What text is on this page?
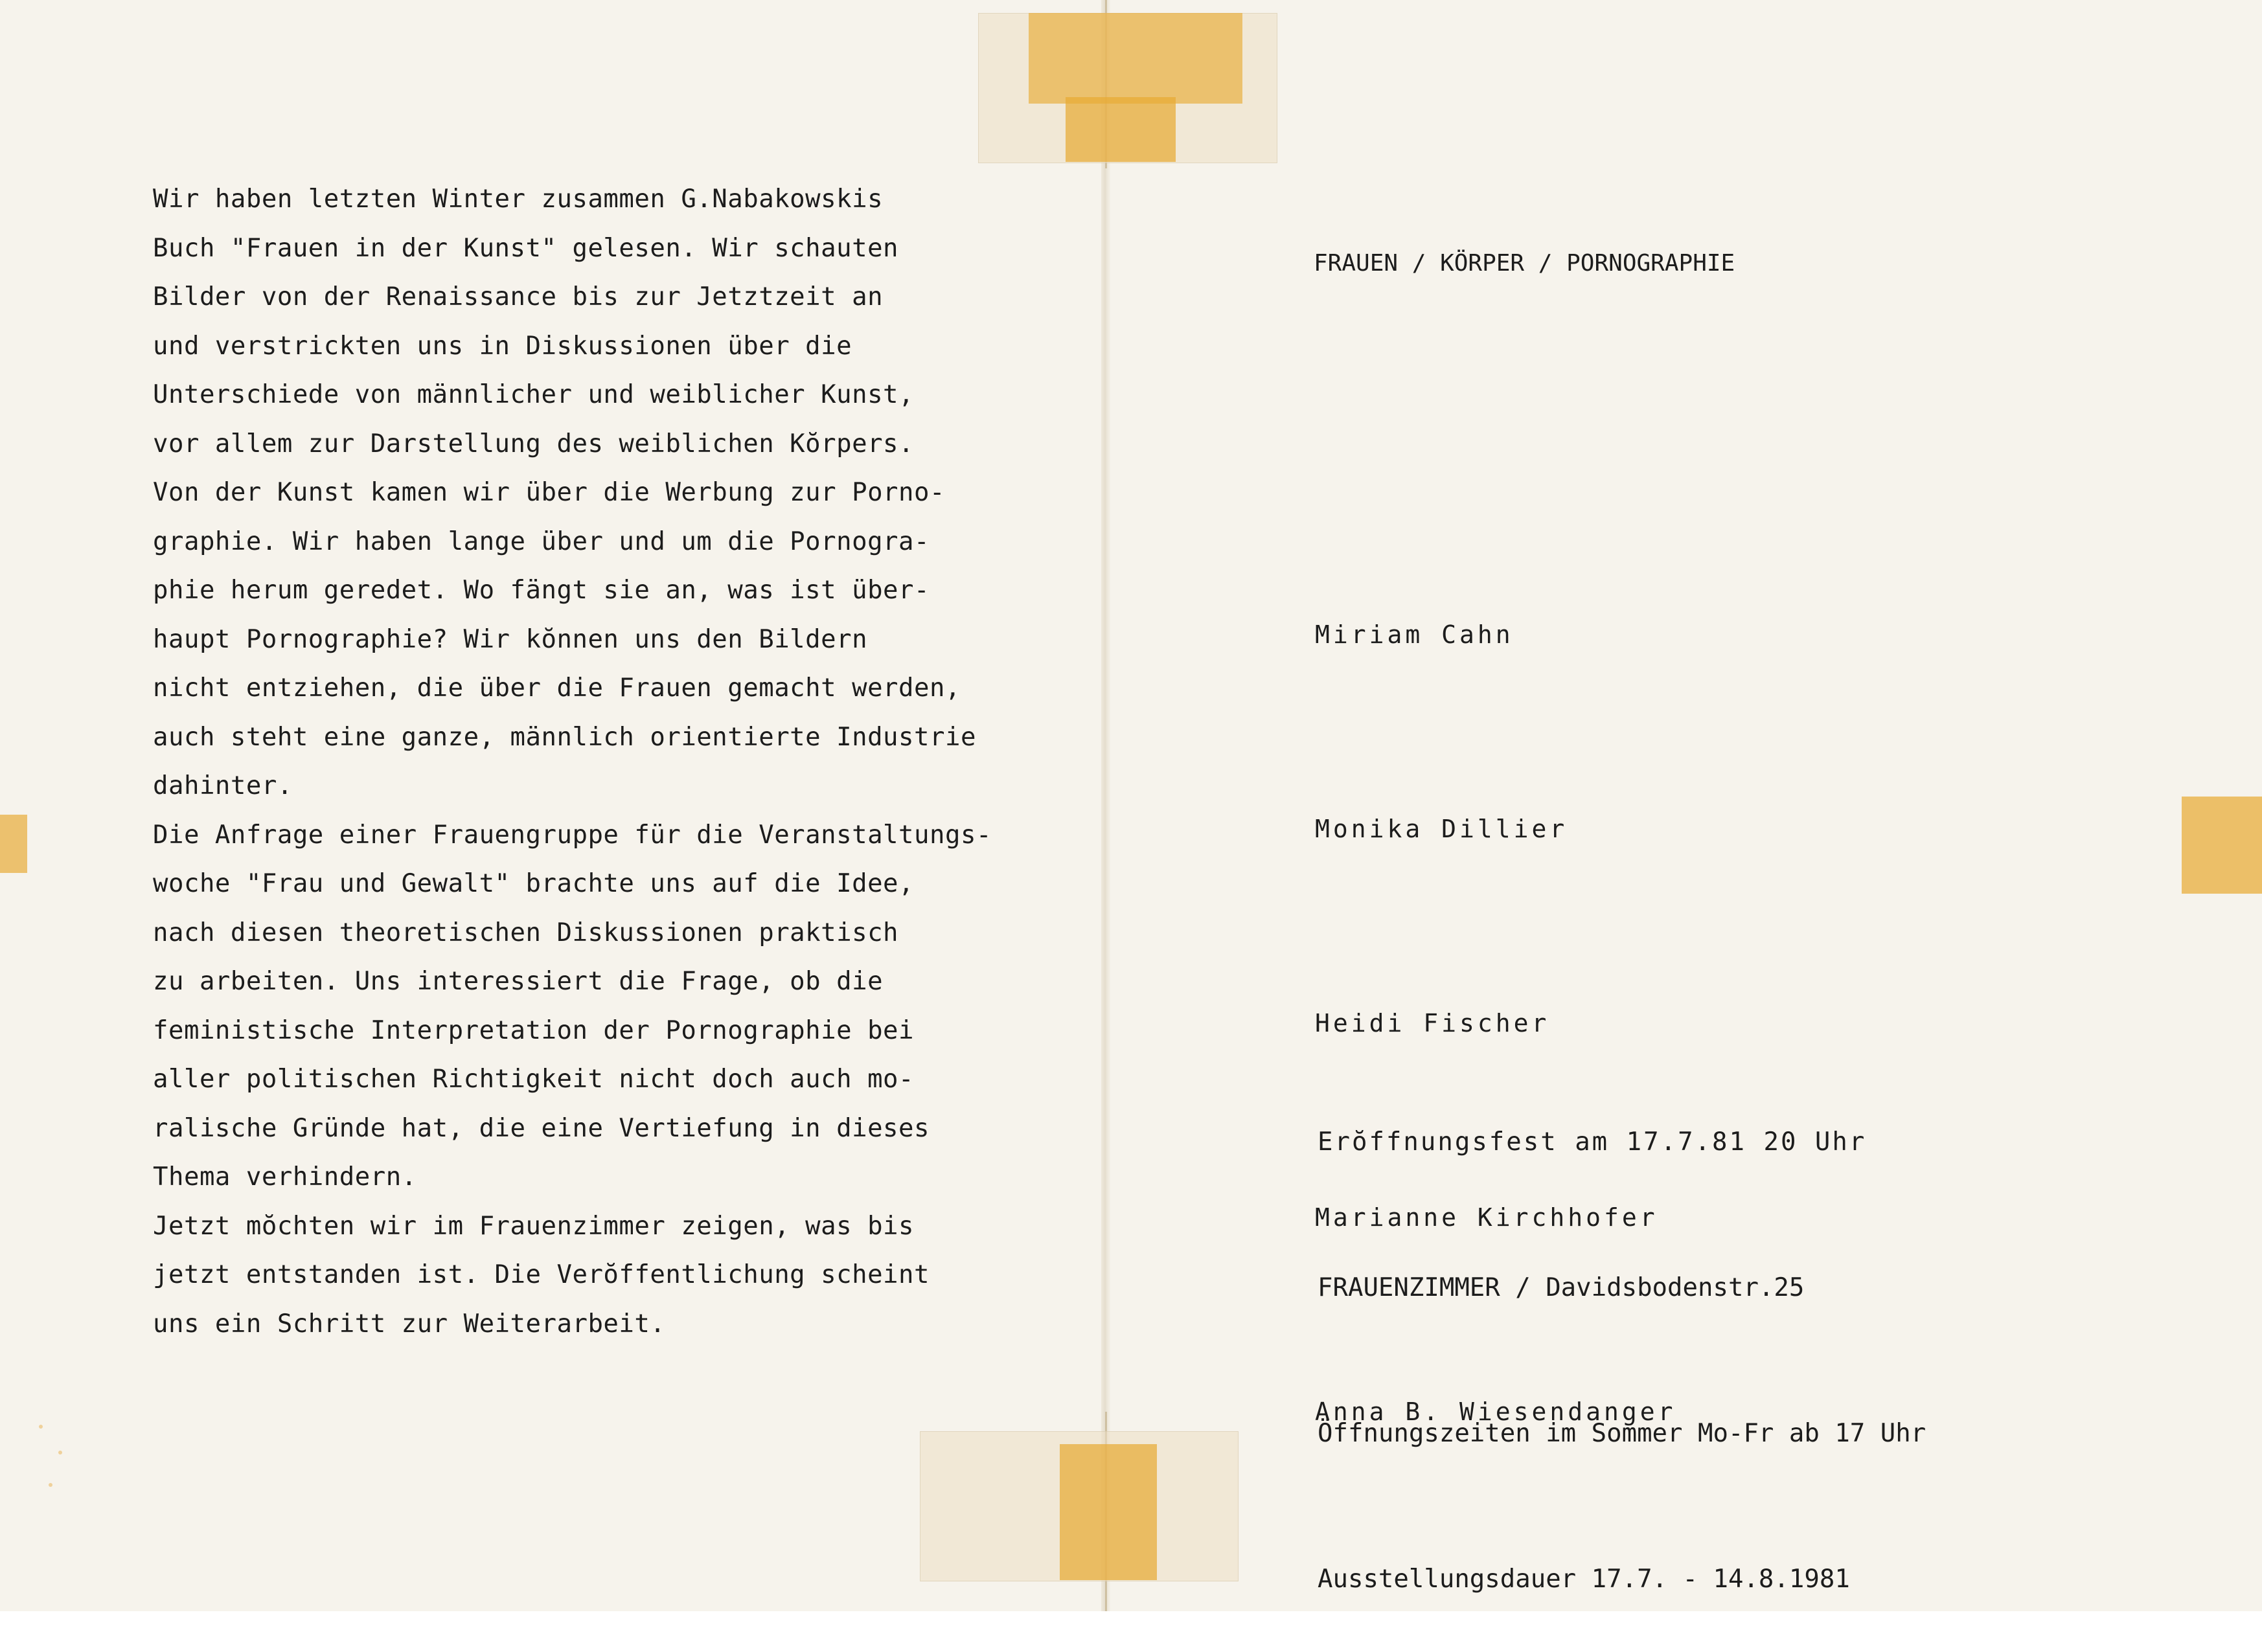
Wir haben letzten Winter zusammen G.Nabakowskis
Buch "Frauen in der Kunst" gelesen. Wir schauten
Bilder von der Renaissance bis zur Jetztzeit an
und verstrickten uns in Diskussionen über die
Unterschiede von männlicher und weiblicher Kunst,
vor allem zur Darstellung des weiblichen Kŏrpers.
Von der Kunst kamen wir über die Werbung zur Porno-
graphie. Wir haben lange über und um die Pornogra-
phie herum geredet. Wo fängt sie an, was ist über-
haupt Pornographie? Wir kŏnnen uns den Bildern
nicht entziehen, die über die Frauen gemacht werden,
auch steht eine ganze, männlich orientierte Industrie
dahinter.
Die Anfrage einer Frauengruppe für die Veranstaltungs-
woche "Frau und Gewalt" brachte uns auf die Idee,
nach diesen theoretischen Diskussionen praktisch
zu arbeiten. Uns interessiert die Frage, ob die
feministische Interpretation der Pornographie bei
aller politischen Richtigkeit nicht doch auch mo-
ralische Gründe hat, die eine Vertiefung in dieses
Thema verhindern.
Jetzt mŏchten wir im Frauenzimmer zeigen, was bis
jetzt entstanden ist. Die Verŏffentlichung scheint
uns ein Schritt zur Weiterarbeit.
FRAUEN / KÖRPER / PORNOGRAPHIE

Miriam Cahn

Monika Dillier

Heidi Fischer

Marianne Kirchhofer

Anna B. Wiesendanger

Erŏffnungsfest am 17.7.81 20 Uhr

FRAUENZIMMER / Davidsbodenstr.25

Öffnungszeiten im Sommer Mo-Fr ab 17 Uhr

Ausstellungsdauer 17.7. - 14.8.1981
